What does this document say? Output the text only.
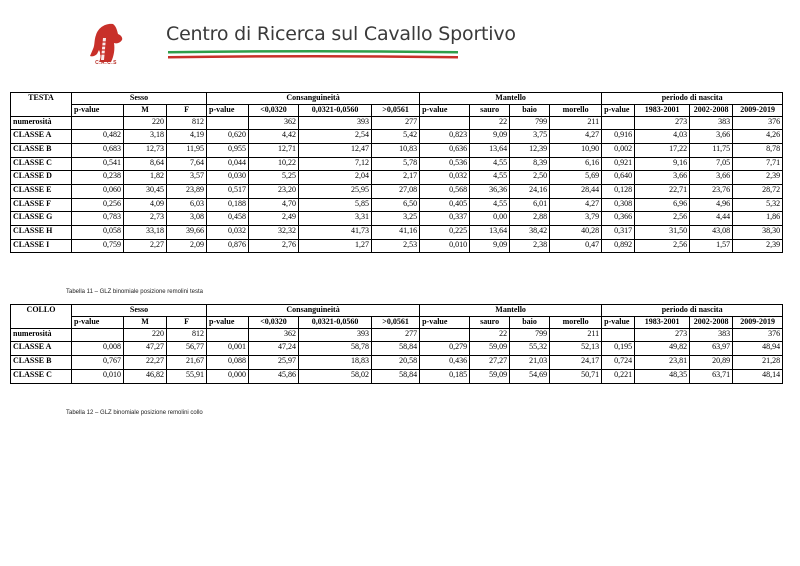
C.R.C.S
Centro di Ricerca sul Cavallo Sportivo
TESTA	Sesso			Consanguineità				Mantello				periodo di nascita			
	p-value	M	F	p-value	<0,0320	0,0321-0,0560	>0,0561	p-value	sauro	baio	morello	p-value	1983-2001	2002-2008	2009-2019
numerosità		220	812		362	393	277		22	799	211		273	383	376
CLASSE A	0,482	3,18	4,19	0,620	4,42	2,54	5,42	0,823	9,09	3,75	4,27	0,916	4,03	3,66	4,26
CLASSE B	0,683	12,73	11,95	0,955	12,71	12,47	10,83	0,636	13,64	12,39	10,90	0,002	17,22	11,75	8,78
CLASSE C	0,541	8,64	7,64	0,044	10,22	7,12	5,78	0,536	4,55	8,39	6,16	0,921	9,16	7,05	7,71
CLASSE D	0,238	1,82	3,57	0,030	5,25	2,04	2,17	0,032	4,55	2,50	5,69	0,640	3,66	3,66	2,39
CLASSE E	0,060	30,45	23,89	0,517	23,20	25,95	27,08	0,568	36,36	24,16	28,44	0,128	22,71	23,76	28,72
CLASSE F	0,256	4,09	6,03	0,188	4,70	5,85	6,50	0,405	4,55	6,01	4,27	0,308	6,96	4,96	5,32
CLASSE G	0,783	2,73	3,08	0,458	2,49	3,31	3,25	0,337	0,00	2,88	3,79	0,366	2,56	4,44	1,86
CLASSE H	0,058	33,18	39,66	0,032	32,32	41,73	41,16	0,225	13,64	38,42	40,28	0,317	31,50	43,08	38,30
CLASSE I	0,759	2,27	2,09	0,876	2,76	1,27	2,53	0,010	9,09	2,38	0,47	0,892	2,56	1,57	2,39
Tabella 11 – GLZ binomiale posizione remolini testa
COLLO	Sesso			Consanguineità				Mantello				periodo di nascita			
	p-value	M	F	p-value	<0,0320	0,0321-0,0560	>0,0561	p-value	sauro	baio	morello	p-value	1983-2001	2002-2008	2009-2019
numerosità		220	812		362	393	277		22	799	211		273	383	376
CLASSE A	0,008	47,27	56,77	0,001	47,24	58,78	58,84	0,279	59,09	55,32	52,13	0,195	49,82	63,97	48,94
CLASSE B	0,767	22,27	21,67	0,088	25,97	18,83	20,58	0,436	27,27	21,03	24,17	0,724	23,81	20,89	21,28
CLASSE C	0,010	46,82	55,91	0,000	45,86	58,02	58,84	0,185	59,09	54,69	50,71	0,221	48,35	63,71	48,14
Tabella 12 – GLZ binomiale posizione remolini collo
